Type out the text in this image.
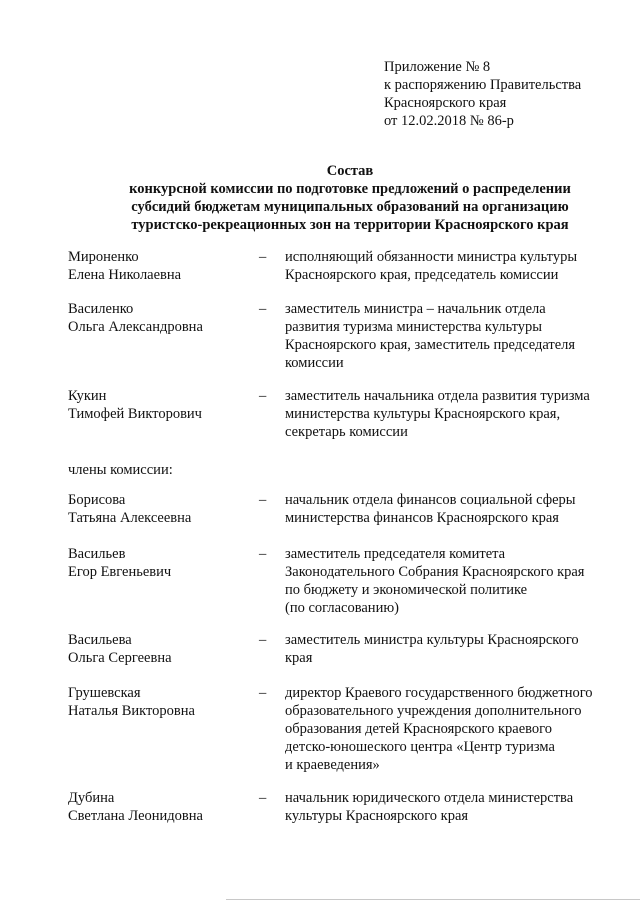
Приложение № 8
к распоряжению Правительства
Красноярского края
от 12.02.2018 № 86-р
Состав
конкурсной комиссии по подготовке предложений о распределении
субсидий бюджетам муниципальных образований на организацию
туристско-рекреационных зон на территории Красноярского края
Мироненко
Елена Николаевна
– исполняющий обязанности министра культуры
Красноярского края, председатель комиссии
Василенко
Ольга Александровна
– заместитель министра – начальник отдела
развития туризма министерства культуры
Красноярского края, заместитель председателя
комиссии
Кукин
Тимофей Викторович
– заместитель начальника отдела развития туризма
министерства культуры Красноярского края,
секретарь комиссии
члены комиссии:
Борисова
Татьяна Алексеевна
– начальник отдела финансов социальной сферы
министерства финансов Красноярского края
Васильев
Егор Евгеньевич
– заместитель председателя комитета
Законодательного Собрания Красноярского края
по бюджету и экономической политике
(по согласованию)
Васильева
Ольга Сергеевна
– заместитель министра культуры Красноярского
края
Грушевская
Наталья Викторовна
– директор Краевого государственного бюджетного
образовательного учреждения дополнительного
образования детей Красноярского краевого
детско-юношеского центра «Центр туризма
и краеведения»
Дубина
Светлана Леонидовна
– начальник юридического отдела министерства
культуры Красноярского края
